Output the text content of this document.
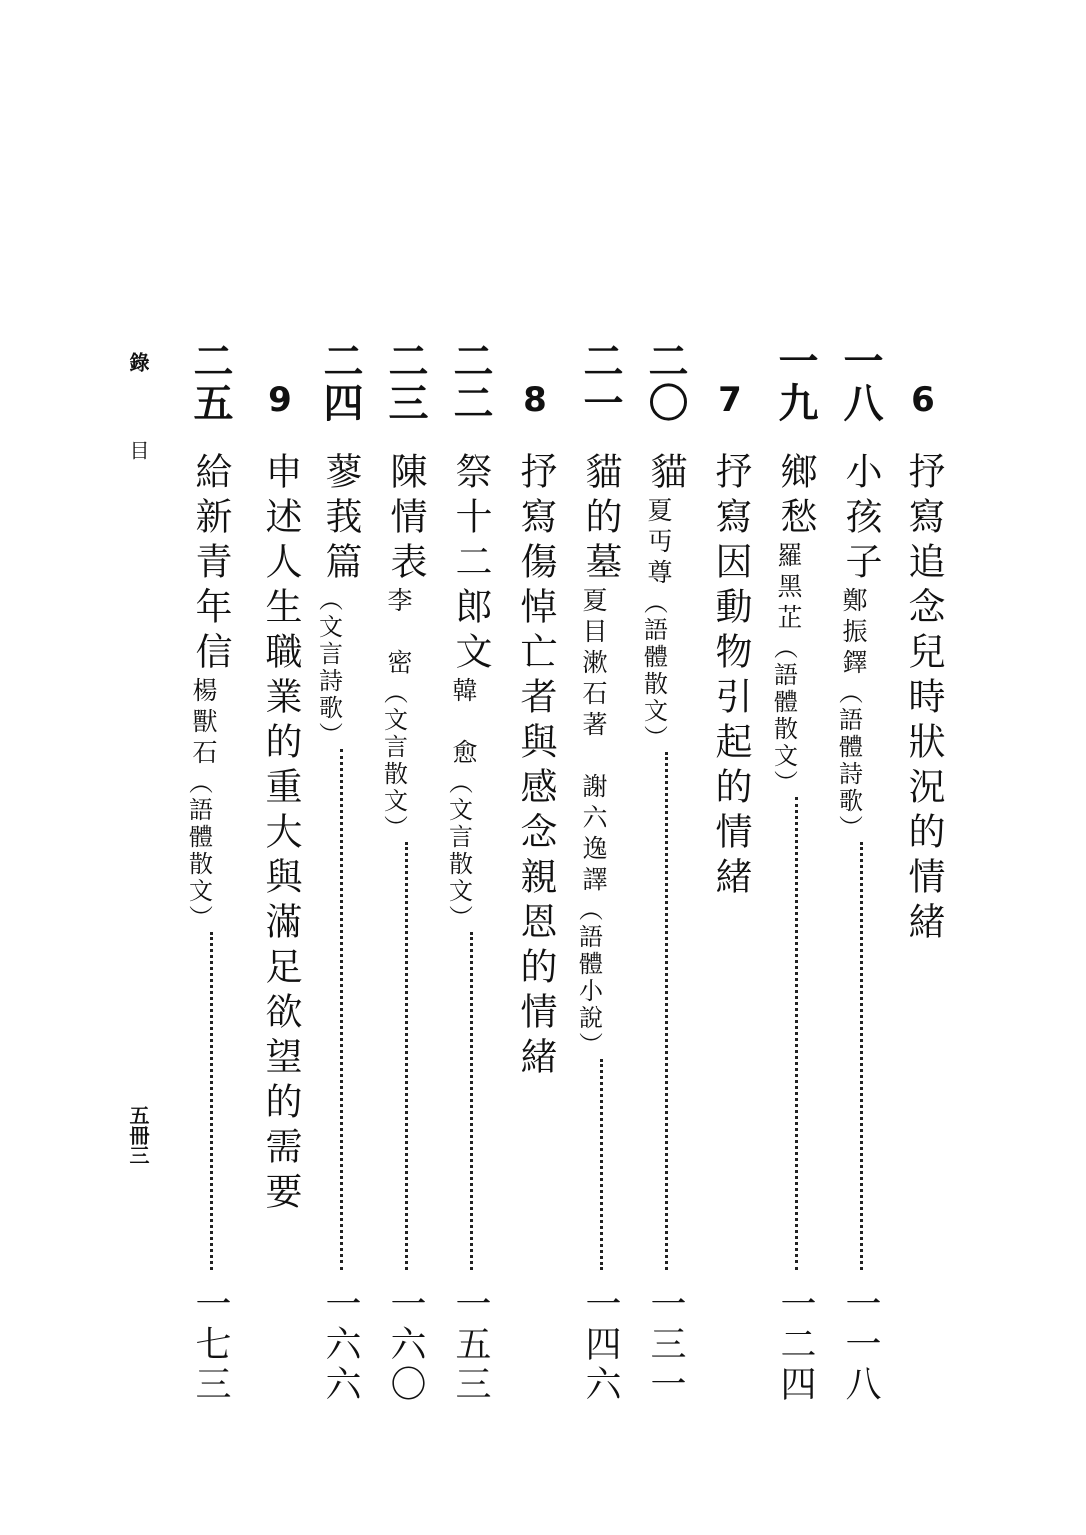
6
抒寫追念兒時狀況的情緒
一八
小孩子
鄭振鐸
（語體詩歌）
一一八
一九
鄉愁
羅黑芷
（語體散文）
一二四
7
抒寫因動物引起的情緒
二〇
貓
夏丏尊
（語體散文）
一三一
二一
貓的墓
夏目漱石著　謝六逸譯
（語體小說）
一四六
8
抒寫傷悼亡者與感念親恩的情緒
二二
祭十二郎文
韓　愈
（文言散文）
一五三
二三
陳情表
李　密
（文言散文）
一六〇
二四
蓼莪篇
（文言詩歌）
一六六
9
申述人生職業的重大與滿足欲望的需要
二五
給新青年信
楊獸石
（語體散文）
一七三
錄
目
五冊三
